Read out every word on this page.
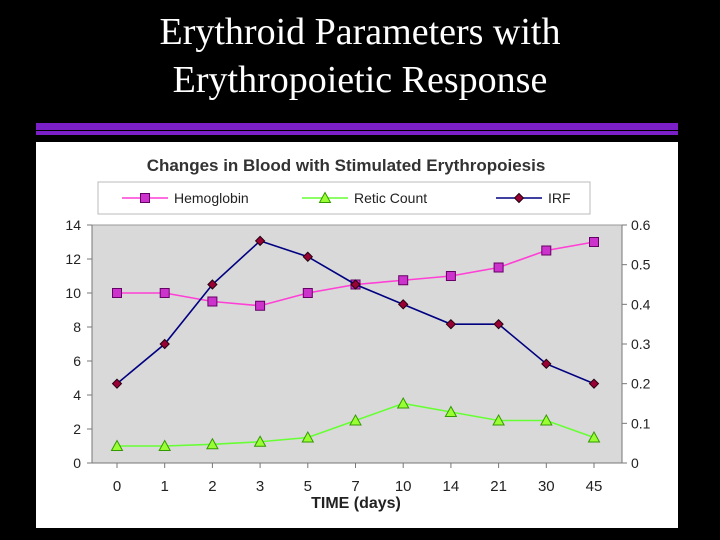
Erythroid Parameters with
Erythropoietic Response
Changes in Blood with Stimulated Erythropoiesis
Hemoglobin	Retic Count	IRF
0
2
4
6
8
10
12
14
0
0.1
0.2
0.3
0.4
0.5
0.6
0	1	2	3	5	7 10 14 21 30 45
TIME (days)
